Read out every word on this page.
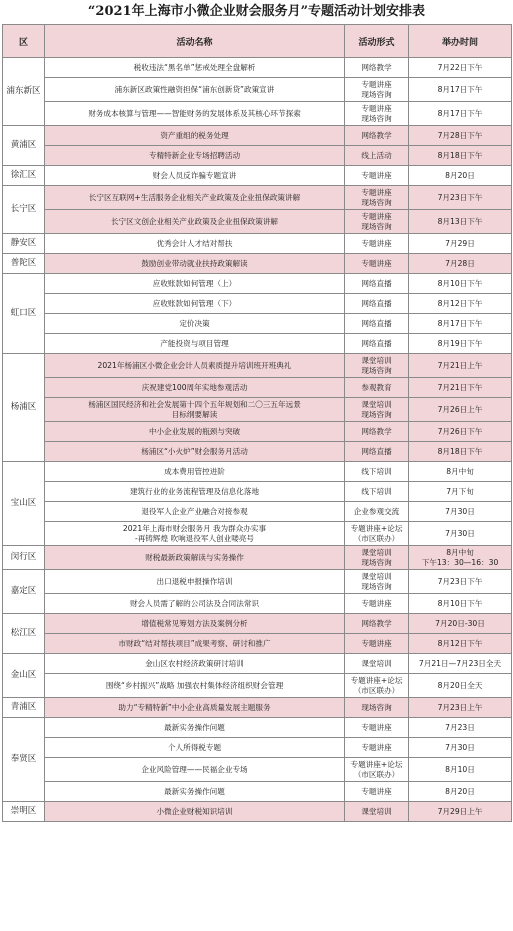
“2021年上海市小微企业财会服务月”专题活动计划安排表
区	活动名称	活动形式	举办时间
浦东新区	税收违法“黑名单”惩戒处理全盘解析	网络教学	7月22日下午

	浦东新区政策性融资担保“浦东创新贷”政策宣讲	专题讲座
现场咨询	8月17日下午

	财务成本核算与管理——智能财务的发展体系及其核心环节探索	专题讲座
现场咨询	8月17日下午

黄浦区	资产重组的税务处理	网络教学	7月28日下午

	专精特新企业专场招聘活动	线上活动	8月18日下午

徐汇区	财会人员反诈骗专题宣讲	专题讲座	8月20日

长宁区	长宁区互联网+生活服务企业相关产业政策及企业扭保政策讲解	专题讲座
现场咨询	7月23日下午

	长宁区文创企业相关产业政策及企业扭保政策讲解	专题讲座
现场咨询	8月13日下午

静安区	优秀会计人才结对帮扶	专题讲座	7月29日

普陀区	鼓励创业带动就业扶持政策解读	专题讲座	7月28日

虹口区	应收账款如何管理（上）	网络直播	8月10日下午

	应收账款如何管理（下）	网络直播	8月12日下午

	定价决策	网络直播	8月17日下午

	产能投资与项目管理	网络直播	8月19日下午

杨浦区	2021年杨浦区小微企业会计人员素质提升培训班开班典礼	课堂培训
现场咨询	7月21日上午

	庆祝建党100周年实地参观活动	参观教育	7月21日下午

	杨浦区国民经济和社会发展第十四个五年规划和二〇三五年远景
目标纲要解读	课堂培训
现场咨询	7月26日上午

	中小企业发展的瓶颈与突破	网络教学	7月26日下午

	杨浦区“小火炉”财会服务月活动	网络直播	8月18日下午

宝山区	成本费用管控进阶	线下培训	8月中旬

	建筑行业的业务流程管理及信息化落地	线下培训	7月下旬

	退役军人企业产业融合对接参观	企业参观交流	7月30日

	2021年上海市财会服务月 我为群众办实事
-再铸辉煌 吹响退役军人创业喽亮号	专题讲座+论坛
（市区联办）	7月30日

闵行区	财税最新政策解读与实务操作	课堂培训
现场咨询	8月中旬
下午13：30—16：30

嘉定区	出口退税申报操作培训	课堂培训
现场咨询	7月23日下午

	财会人员需了解的公司法及合同法常识	专题讲座	8月10日下午

松江区	增值税常见筹划方法及案例分析	网络教学	7月20日-30日

	市财政“结对帮扶项目”成果考察、研讨和推广	专题讲座	8月12日下午

金山区	金山区农村经济政策研讨培训	课堂培训	7月21日—7月23日全天

	围绕“乡村振兴”战略 加强农村集体经济组织财会管理	专题讲座+论坛
（市区联办）	8月20日全天

青浦区	助力“专精特新”中小企业高质量发展主题服务	现场咨询	7月23日上午

奉贤区	最新实务操作问题	专题讲座	7月23日

	个人所得税专题	专题讲座	7月30日

	企业风险管理——民福企业专场	专题讲座+论坛
（市区联办）	8月10日

	最新实务操作问题	专题讲座	8月20日

崇明区	小微企业财税知识培训	课堂培训	7月29日上午
